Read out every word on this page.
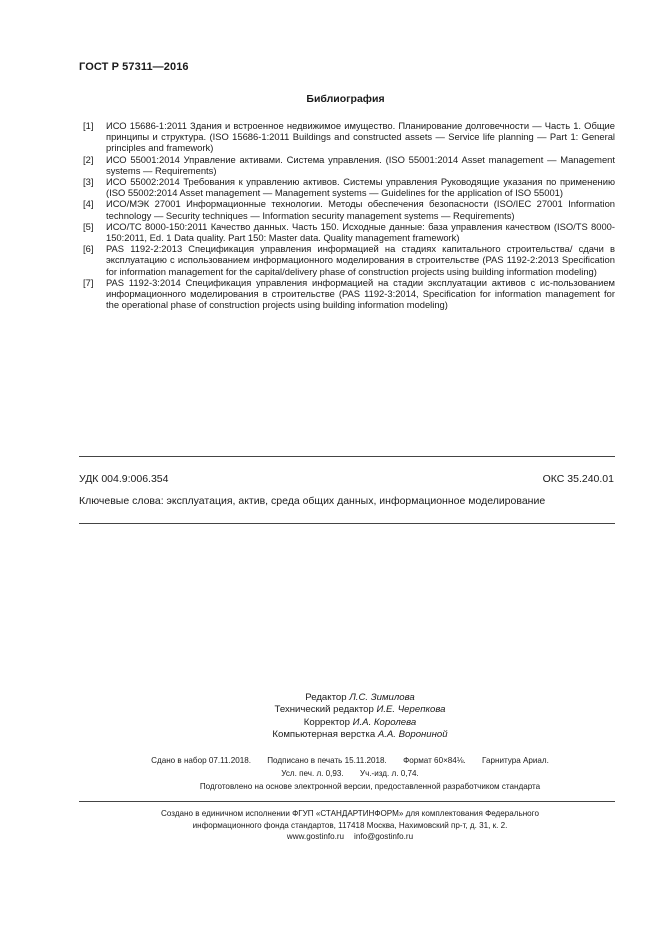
ГОСТ Р 57311—2016
Библиография
[1]	ИСО 15686-1:2011 Здания и встроенное недвижимое имущество. Планирование долговечности — Часть 1. Общие принципы и структура. (ISO 15686-1:2011 Buildings and constructed assets — Service life planning — Part 1: General principles and framework)
[2]	ИСО 55001:2014 Управление активами. Система управления. (ISO 55001:2014 Asset management — Management systems — Requirements)
[3]	ИСО 55002:2014 Требования к управлению активов. Системы управления Руководящие указания по применению (ISO 55002:2014 Asset management — Management systems — Guidelines for the application of ISO 55001)
[4]	ИСО/МЭК 27001 Информационные технологии. Методы обеспечения безопасности (ISO/IEC 27001 Information technology — Security techniques — Information security management systems — Requirements)
[5]	ИСО/TC 8000-150:2011 Качество данных. Часть 150. Исходные данные: база управления качеством (ISO/TS 8000-150:2011, Ed. 1 Data quality. Part 150: Master data. Quality management framework)
[6]	PAS 1192-2:2013 Спецификация управления информацией на стадиях капитального строительства/ сдачи в эксплуатацию с использованием информационного моделирования в строительстве (PAS 1192-2:2013 Specification for information management for the capital/delivery phase of construction projects using building information modeling)
[7]	PAS 1192-3:2014 Спецификация управления информацией на стадии эксплуатации активов с ис-пользованием информационного моделирования в строительстве (PAS 1192-3:2014, Specification for information management for the operational phase of construction projects using building information modeling)
УДК 004.9:006.354	ОКС 35.240.01
Ключевые слова: эксплуатация, актив, среда общих данных, информационное моделирование
Редактор Л.С. Зимилова
Технический редактор И.Е. Черепкова
Корректор И.А. Королева
Компьютерная верстка А.А. Ворониной
Сдано в набор 07.11.2018. Подписано в печать 15.11.2018. Формат 60×84⅛. Гарнитура Ариал.
Усл. печ. л. 0,93. Уч.-изд. л. 0,74.
Подготовлено на основе электронной версии, предоставленной разработчиком стандарта
Создано в единичном исполнении ФГУП «СТАНДАРТИНФОРМ» для комплектования Федерального
информационного фонда стандартов, 117418 Москва, Нахимовский пр-т, д. 31, к. 2.
www.gostinfo.ru info@gostinfo.ru
